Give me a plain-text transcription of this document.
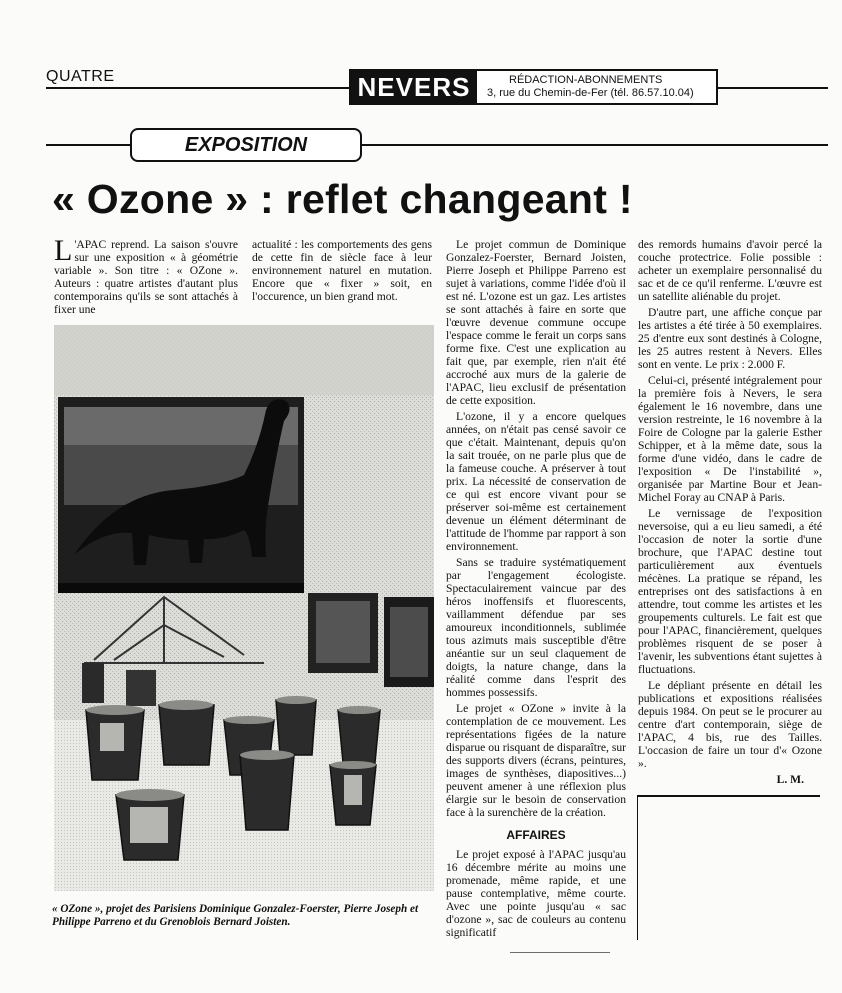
QUATRE	NEVERS	RÉDACTION-ABONNEMENTS
3, rue du Chemin-de-Fer (tél. 86.57.10.04)
EXPOSITION
« Ozone » : reflet changeant !

L 'APAC reprend. La saison s'ouvre sur une exposition « à géométrie variable ». Son titre : « OZone ». Auteurs : quatre artistes d'autant plus contemporains qu'ils se sont attachés à fixer une

actualité : les comportements des gens de cette fin de siècle face à leur environnement naturel en mutation. Encore que « fixer » soit, en l'occurence, un bien grand mot.

« OZone », projet des Parisiens Dominique Gonzalez-Foerster, Pierre Joseph et Philippe Parreno et du Grenoblois Bernard Joisten.

Le projet commun de Dominique Gonzalez-Foerster, Bernard Joisten, Pierre Joseph et Philippe Parreno est sujet à variations, comme l'idée d'où il est né. L'ozone est un gaz. Les artistes se sont attachés à faire en sorte que l'œuvre devenue commune occupe l'espace comme le ferait un corps sans forme fixe. C'est une explication au fait que, par exemple, rien n'ait été accroché aux murs de la galerie de l'APAC, lieu exclusif de présentation de cette exposition.

L'ozone, il y a encore quelques années, on n'était pas censé savoir ce que c'était. Maintenant, depuis qu'on la sait trouée, on ne parle plus que de la fameuse couche. A préserver à tout prix. La nécessité de conservation de ce qui est encore vivant pour se préserver soi-même est certainement devenue un élément déterminant de l'attitude de l'homme par rapport à son environnement.

Sans se traduire systématiquement par l'engagement écologiste. Spectaculairement vaincue par des héros inoffensifs et fluorescents, vaillamment défendue par ses amoureux inconditionnels, sublimée tous azimuts mais susceptible d'être anéantie sur un seul claquement de doigts, la nature change, dans la réalité comme dans l'esprit des hommes possessifs.

Le projet « OZone » invite à la contemplation de ce mouvement. Les représentations figées de la nature disparue ou risquant de disparaître, sur des supports divers (écrans, peintures, images de synthèses, diapositives...) peuvent amener à une réflexion plus élargie sur le besoin de conservation face à la surenchère de la création.

AFFAIRES

Le projet exposé à l'APAC jusqu'au 16 décembre mérite au moins une promenade, même rapide, et une pause contemplative, même courte. Avec une pointe jusqu'au « sac d'ozone », sac de couleurs au contenu significatif

des remords humains d'avoir percé la couche protectrice. Folie possible : acheter un exemplaire personnalisé du sac et de ce qu'il renferme. L'œuvre est un satellite aliénable du projet.

D'autre part, une affiche conçue par les artistes a été tirée à 50 exemplaires. 25 d'entre eux sont destinés à Cologne, les 25 autres restent à Nevers. Elles sont en vente. Le prix : 2.000 F.

Celui-ci, présenté intégralement pour la première fois à Nevers, le sera également le 16 novembre, dans une version restreinte, le 16 novembre à la Foire de Cologne par la galerie Esther Schipper, et à la même date, sous la forme d'une vidéo, dans le cadre de l'exposition « De l'instabilité », organisée par Martine Bour et Jean-Michel Foray au CNAP à Paris.

Le vernissage de l'exposition neversoise, qui a eu lieu samedi, a été l'occasion de noter la sortie d'une brochure, que l'APAC destine tout particulièrement aux éventuels mécènes. La pratique se répand, les entreprises ont des satisfactions à en attendre, tout comme les artistes et les groupements culturels. Le fait est que pour l'APAC, financièrement, quelques problèmes risquent de se poser à l'avenir, les subventions étant sujettes à fluctuations.

Le dépliant présente en détail les publications et expositions réalisées depuis 1984. On peut se le procurer au centre d'art contemporain, siège de l'APAC, 4 bis, rue des Tailles. L'occasion de faire un tour d'« Ozone ».

L. M.
